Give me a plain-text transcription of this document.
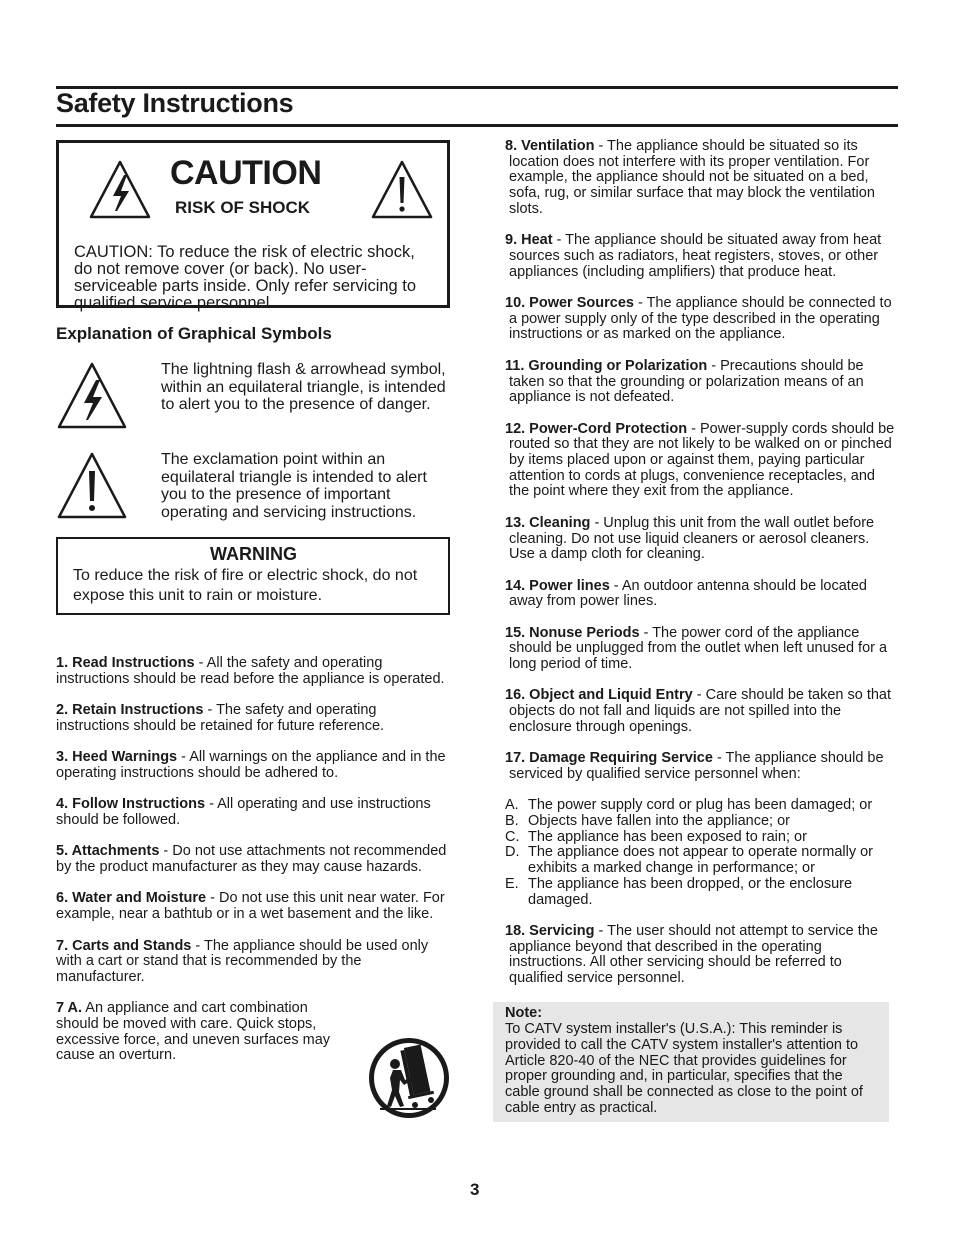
Safety Instructions
CAUTION
RISK OF SHOCK
CAUTION: To reduce the risk of electric shock, do not remove cover (or back). No user-serviceable parts inside. Only refer servicing to qualified service personnel.
Explanation of Graphical Symbols
The lightning flash & arrowhead symbol, within an equilateral triangle, is intended to alert you to the presence of danger.
The exclamation point within an equilateral triangle is intended to alert you to the presence of important operating and servicing instructions.
WARNING
To reduce the risk of fire or electric shock, do not expose this unit to rain or moisture.

1. Read Instructions - All the safety and operating instructions should be read before the appliance is operated.

2. Retain Instructions - The safety and operating instructions should be retained for future reference.

3. Heed Warnings - All warnings on the appliance and in the operating instructions should be adhered to.

4. Follow Instructions - All operating and use instructions should be followed.

5. Attachments - Do not use attachments not recommended by the product manufacturer as they may cause hazards.

6. Water and Moisture - Do not use this unit near water. For example, near a bathtub or in a wet basement and the like.

7. Carts and Stands - The appliance should be used only with a cart or stand that is recommended by the manufacturer.

7 A. An appliance and cart combination should be moved with care. Quick stops, excessive force, and uneven surfaces may cause an overturn.

8. Ventilation - The appliance should be situated so its location does not interfere with its proper ventilation. For example, the appliance should not be situated on a bed, sofa, rug, or similar surface that may block the ventilation slots.

9. Heat - The appliance should be situated away from heat sources such as radiators, heat registers, stoves, or other appliances (including amplifiers) that produce heat.

10. Power Sources - The appliance should be connected to a power supply only of the type described in the operating instructions or as marked on the appliance.

11. Grounding or Polarization - Precautions should be taken so that the grounding or polarization means of an appliance is not defeated.

12. Power-Cord Protection - Power-supply cords should be routed so that they are not likely to be walked on or pinched by items placed upon or against them, paying particular attention to cords at plugs, convenience receptacles, and the point where they exit from the appliance.

13. Cleaning - Unplug this unit from the wall outlet before cleaning. Do not use liquid cleaners or aerosol cleaners. Use a damp cloth for cleaning.

14. Power lines - An outdoor antenna should be located away from power lines.

15. Nonuse Periods - The power cord of the appliance should be unplugged from the outlet when left unused for a long period of time.

16. Object and Liquid Entry - Care should be taken so that objects do not fall and liquids are not spilled into the enclosure through openings.

17. Damage Requiring Service - The appliance should be serviced by qualified service personnel when:

A. The power supply cord or plug has been damaged; or
B. Objects have fallen into the appliance; or
C. The appliance has been exposed to rain; or
D. The appliance does not appear to operate normally or exhibits a marked change in performance; or
E. The appliance has been dropped, or the enclosure damaged.

18. Servicing - The user should not attempt to service the appliance beyond that described in the operating instructions. All other servicing should be referred to qualified service personnel.

Note:

To CATV system installer's (U.S.A.): This reminder is provided to call the CATV system installer's attention to Article 820-40 of the NEC that provides guidelines for proper grounding and, in particular, specifies that the cable ground shall be connected as close to the point of cable entry as practical.

3
